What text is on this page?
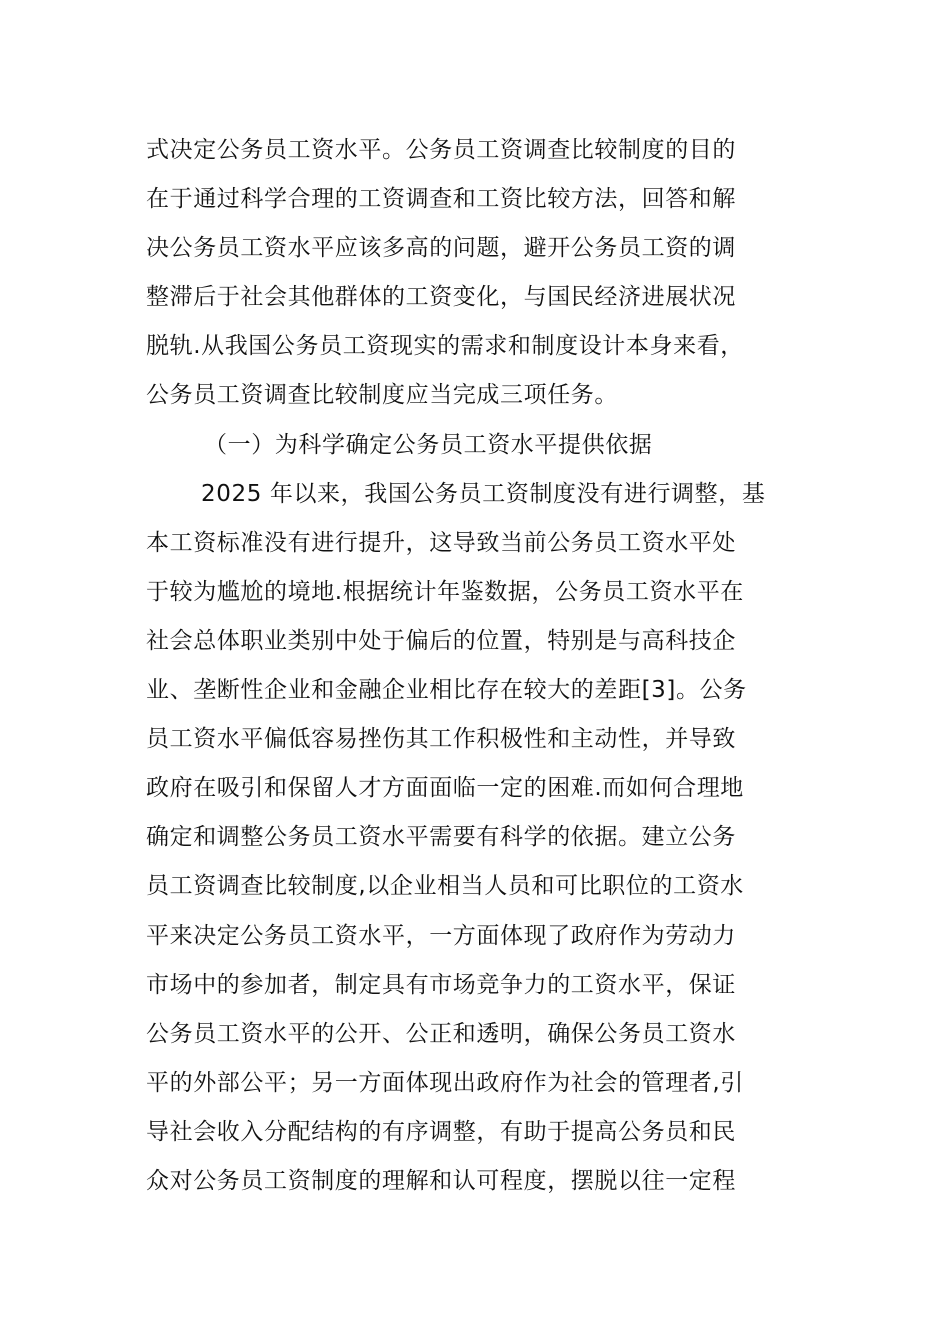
式决定公务员工资水平。公务员工资调查比较制度的目的
在于通过科学合理的工资调查和工资比较方法，回答和解
决公务员工资水平应该多高的问题，避开公务员工资的调
整滞后于社会其他群体的工资变化，与国民经济进展状况
脱轨.从我国公务员工资现实的需求和制度设计本身来看，
公务员工资调查比较制度应当完成三项任务。
（一）为科学确定公务员工资水平提供依据
2025 年以来，我国公务员工资制度没有进行调整，基
本工资标准没有进行提升，这导致当前公务员工资水平处
于较为尴尬的境地.根据统计年鉴数据，公务员工资水平在
社会总体职业类别中处于偏后的位置，特别是与高科技企
业、垄断性企业和金融企业相比存在较大的差距[3]。公务
员工资水平偏低容易挫伤其工作积极性和主动性，并导致
政府在吸引和保留人才方面面临一定的困难.而如何合理地
确定和调整公务员工资水平需要有科学的依据。建立公务
员工资调查比较制度,以企业相当人员和可比职位的工资水
平来决定公务员工资水平，一方面体现了政府作为劳动力
市场中的参加者，制定具有市场竞争力的工资水平，保证
公务员工资水平的公开、公正和透明，确保公务员工资水
平的外部公平；另一方面体现出政府作为社会的管理者,引
导社会收入分配结构的有序调整，有助于提高公务员和民
众对公务员工资制度的理解和认可程度，摆脱以往一定程
